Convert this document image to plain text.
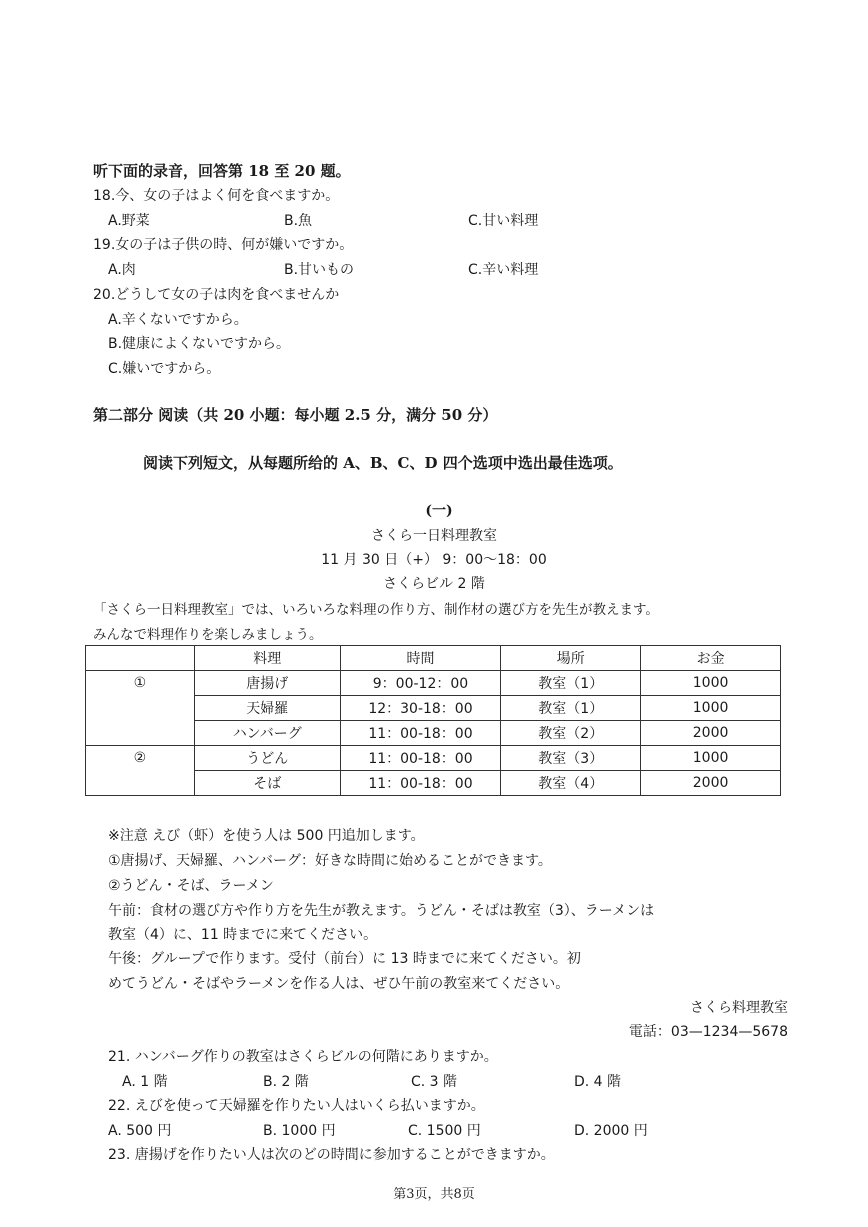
听下面的录音，回答第 18 至 20 题。
18.今、女の子はよく何を食べますか。
A.野菜	B.魚	C.甘い料理
19.女の子は子供の時、何が嫌いですか。
A.肉	B.甘いもの	C.辛い料理
20.どうして女の子は肉を食べませんか
A.辛くないですから。
B.健康によくないですから。
C.嫌いですから。
第二部分 阅读（共 20 小题：每小题 2.5 分，满分 50 分）
阅读下列短文，从每题所给的 A、B、C、D 四个选项中选出最佳选项。
(一)
さくら一日料理教室
11 月 30 日（+） 9：00～18：00
さくらビル 2 階
「さくら一日料理教室」では、いろいろな料理の作り方、制作材の選び方を先生が教えます。
みんなで料理作りを楽しみましょう。
	料理	時間	場所	お金
①	唐揚げ	9：00-12：00	教室（1）	1000
	天婦羅	12：30-18：00	教室（1）	1000
	ハンバーグ	11：00-18：00	教室（2）	2000
②	うどん	11：00-18：00	教室（3）	1000
	そば	11：00-18：00	教室（4）	2000
※注意 えび（虾）を使う人は 500 円追加します。
①唐揚げ、天婦羅、ハンバーグ：好きな時間に始めることができます。
②うどん・そば、ラーメン
午前：食材の選び方や作り方を先生が教えます。うどん・そばは教室（3）、ラーメンは
教室（4）に、11 時までに来てください。
午後：グループで作ります。受付（前台）に 13 時までに来てください。初
めてうどん・そばやラーメンを作る人は、ぜひ午前の教室来てください。
さくら料理教室
電話：03—1234—5678
21. ハンバーグ作りの教室はさくらビルの何階にありますか。
A. 1 階	B. 2 階	C. 3 階	D. 4 階
22. えびを使って天婦羅を作りたい人はいくら払いますか。
A. 500 円	B. 1000 円	C. 1500 円	D. 2000 円
23. 唐揚げを作りたい人は次のどの時間に参加することができますか。
第3页，共8页
